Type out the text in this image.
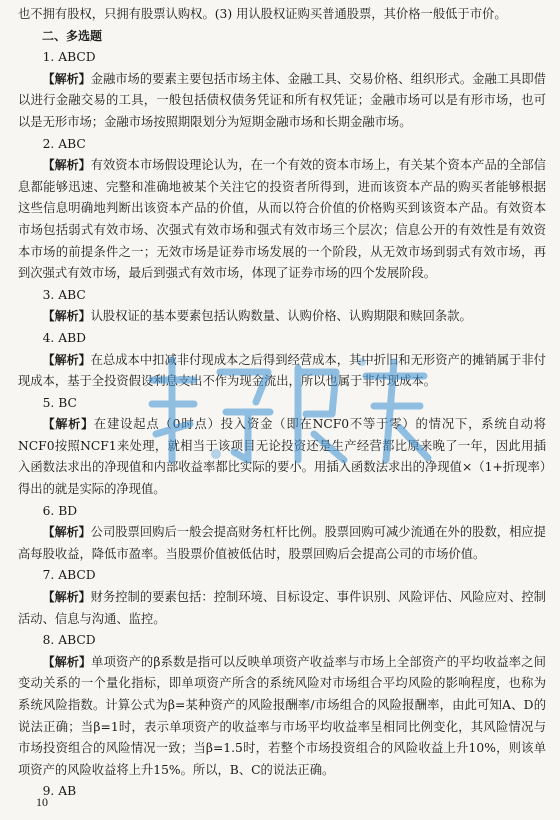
也不拥有股权，只拥有股票认购权。(3) 用认股权证购买普通股票，其价格一般低于市价。

二、多选题

1. ABCD

【解析】金融市场的要素主要包括市场主体、金融工具、交易价格、组织形式。金融工具即借以进行金融交易的工具，一般包括债权债务凭证和所有权凭证；金融市场可以是有形市场，也可以是无形市场；金融市场按照期限划分为短期金融市场和长期金融市场。

2. ABC

【解析】有效资本市场假设理论认为，在一个有效的资本市场上，有关某个资本产品的全部信息都能够迅速、完整和准确地被某个关注它的投资者所得到，进而该资本产品的购买者能够根据这些信息明确地判断出该资本产品的价值，从而以符合价值的价格购买到该资本产品。有效资本市场包括弱式有效市场、次强式有效市场和强式有效市场三个层次；信息公开的有效性是有效资本市场的前提条件之一；无效市场是证券市场发展的一个阶段，从无效市场到弱式有效市场，再到次强式有效市场，最后到强式有效市场，体现了证券市场的四个发展阶段。

3. ABC

【解析】认股权证的基本要素包括认购数量、认购价格、认购期限和赎回条款。

4. ABD

【解析】在总成本中扣减非付现成本之后得到经营成本，其中折旧和无形资产的摊销属于非付现成本，基于全投资假设利息支出不作为现金流出，所以也属于非付现成本。

5. BC

【解析】在建设起点（0时点）投入资金（即在NCF0不等于零）的情况下，系统自动将NCF0按照NCF1来处理，就相当于该项目无论投资还是生产经营都比原来晚了一年，因此用插入函数法求出的净现值和内部收益率都比实际的要小。用插入函数法求出的净现值×（1+折现率）得出的就是实际的净现值。

6. BD

【解析】公司股票回购后一般会提高财务杠杆比例。股票回购可减少流通在外的股数，相应提高每股收益，降低市盈率。当股票价值被低估时，股票回购后会提高公司的市场价值。

7. ABCD

【解析】财务控制的要素包括：控制环境、目标设定、事件识别、风险评估、风险应对、控制活动、信息与沟通、监控。

8. ABCD

【解析】单项资产的β系数是指可以反映单项资产收益率与市场上全部资产的平均收益率之间变动关系的一个量化指标，即单项资产所含的系统风险对市场组合平均风险的影响程度，也称为系统风险指数。计算公式为β=某种资产的风险报酬率/市场组合的风险报酬率，由此可知A、D的说法正确；当β=1时，表示单项资产的收益率与市场平均收益率呈相同比例变化，其风险情况与市场投资组合的风险情况一致；当β=1.5时，若整个市场投资组合的风险收益上升10%，则该单项资产的风险收益将上升15%。所以，B、C的说法正确。

9. AB

10
